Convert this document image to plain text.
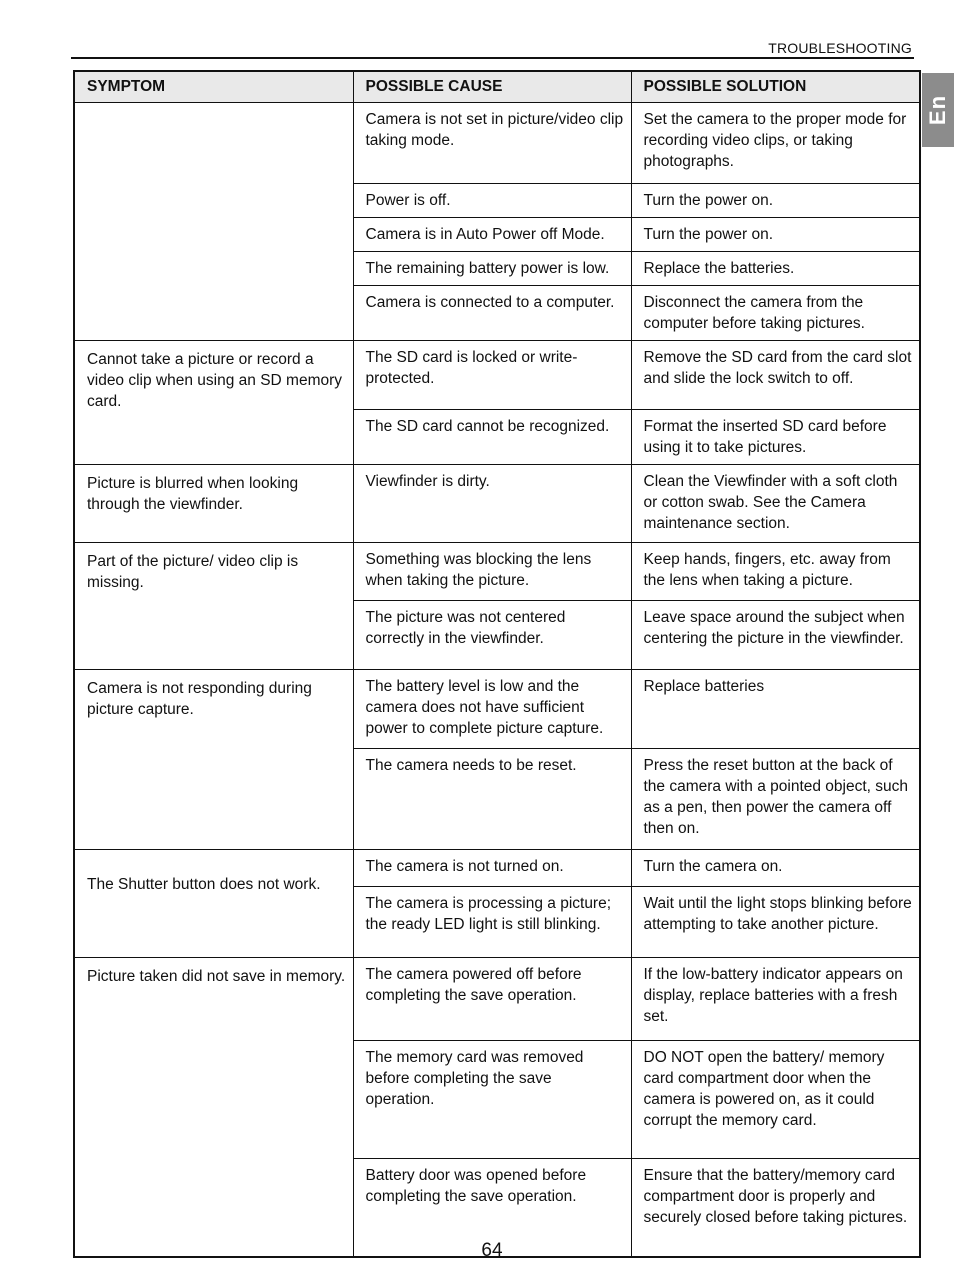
TROUBLESHOOTING
En
SYMPTOM	POSSIBLE CAUSE	POSSIBLE SOLUTION
	Camera is not set in picture/video clip taking mode.	Set the camera to the proper mode for recording video clips, or taking photographs.
	Power is off.	Turn the power on.
	Camera is in Auto Power off Mode.	Turn the power on.
	The remaining battery power is low.	Replace the batteries.
	Camera is connected to a computer.	Disconnect the camera from the computer before taking pictures.
Cannot take a picture or record a video clip when using an SD memory card.	The SD card is locked or write-protected.	Remove the SD card from the card slot and slide the lock switch to off.
	The SD card cannot be recognized.	Format the inserted SD card before using it to take pictures.
Picture is blurred when looking through the viewfinder.	Viewfinder is dirty.	Clean the Viewfinder with a soft cloth or cotton swab. See the Camera maintenance section.
Part of the picture/ video clip is missing.	Something was blocking the lens when taking the picture.	Keep hands, fingers, etc. away from the lens when taking a picture.
	The picture was not centered correctly in the viewfinder.	Leave space around the subject when centering the picture in the viewfinder.
Camera is not responding during picture capture.	The battery level is low and the camera does not have sufficient power to complete picture capture.	Replace batteries
	The camera needs to be reset.	Press the reset button at the back of the camera with a pointed object, such as a pen, then power the camera off then on.
The Shutter button does not work.	The camera is not turned on.	Turn the camera on.
	The camera is processing a picture; the ready LED light is still blinking.	Wait until the light stops blinking before attempting to take another picture.
Picture taken did not save in memory.	The camera powered off before completing the save operation.	If the low-battery indicator appears on display, replace batteries with a fresh set.
	The memory card was removed before completing the save operation.	DO NOT open the battery/ memory card compartment door when the camera is powered on, as it could corrupt the memory card.
	Battery door was opened before completing the save operation.	Ensure that the battery/memory card compartment door is properly and securely closed before taking pictures.
64
